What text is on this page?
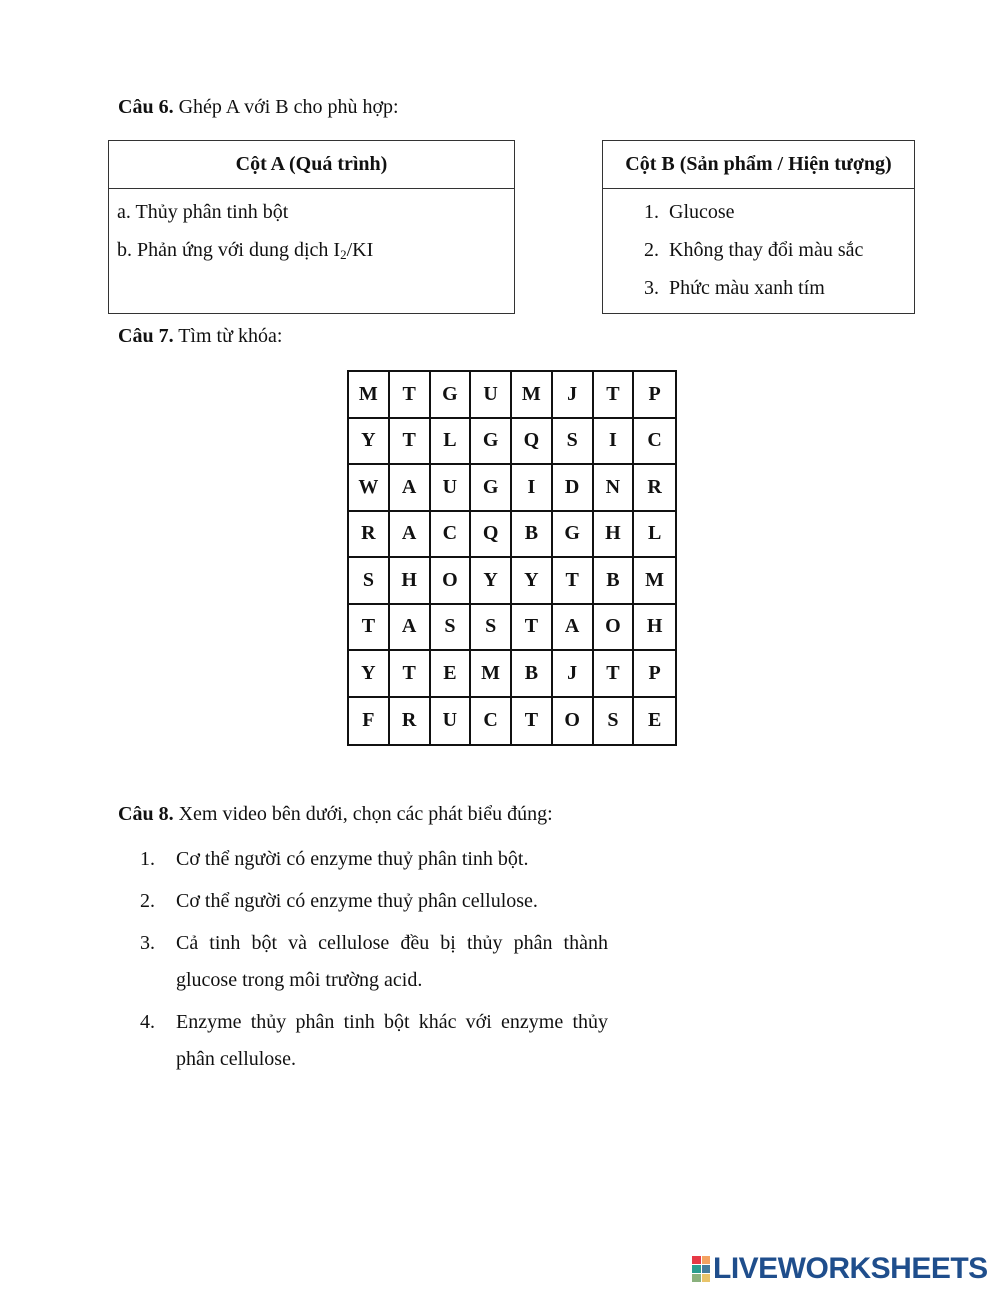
Câu 6. Ghép A với B cho phù hợp:
Cột A (Quá trình)
a. Thủy phân tinh bột
b. Phản ứng với dung dịch $I_2/KI$
Cột B (Sản phẩm / Hiện tượng)
1. Glucose
2. Không thay đổi màu sắc
3. Phức màu xanh tím
Câu 7. Tìm từ khóa:
M	T	G	U	M	J	T	P
Y	T	L	G	Q	S	I	C
W	A	U	G	I	D	N	R
R	A	C	Q	B	G	H	L
S	H	O	Y	Y	T	B	M
T	A	S	S	T	A	O	H
Y	T	E	M	B	J	T	P
F	R	U	C	T	O	S	E
Câu 8. Xem video bên dưới, chọn các phát biểu đúng:
1.	Cơ thể người có enzyme thuỷ phân tinh bột.
2.	Cơ thể người có enzyme thuỷ phân cellulose.
3.	Cả tinh bột và cellulose đều bị thủy phân thành glucose trong môi trường acid.
4.	Enzyme thủy phân tinh bột khác với enzyme thủy phân cellulose.
LIVEWORKSHEETS
